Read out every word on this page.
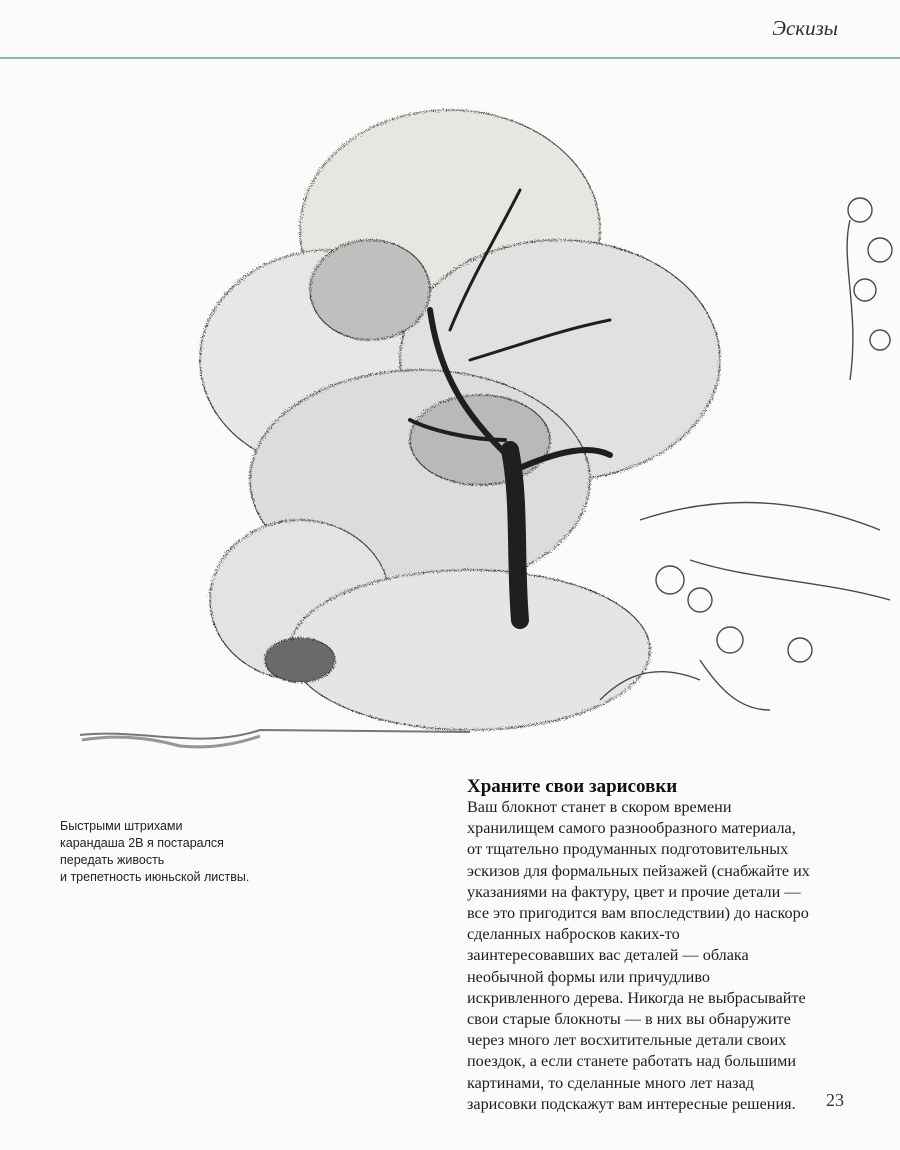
Эскизы
Быстрыми штрихами
карандаша 2B я постарался
передать живость
и трепетность июньской листвы.
Храните свои зарисовки
Ваш блокнот станет в скором времени
хранилищем самого разнообразного материала,
от тщательно продуманных подготовительных
эскизов для формальных пейзажей (снабжайте их
указаниями на фактуру, цвет и прочие детали —
все это пригодится вам впоследствии) до наскоро
сделанных набросков каких-то
заинтересовавших вас деталей — облака
необычной формы или причудливо
искривленного дерева. Никогда не выбрасывайте
свои старые блокноты — в них вы обнаружите
через много лет восхитительные детали своих
поездок, а если станете работать над большими
картинами, то сделанные много лет назад
зарисовки подскажут вам интересные решения.	23
